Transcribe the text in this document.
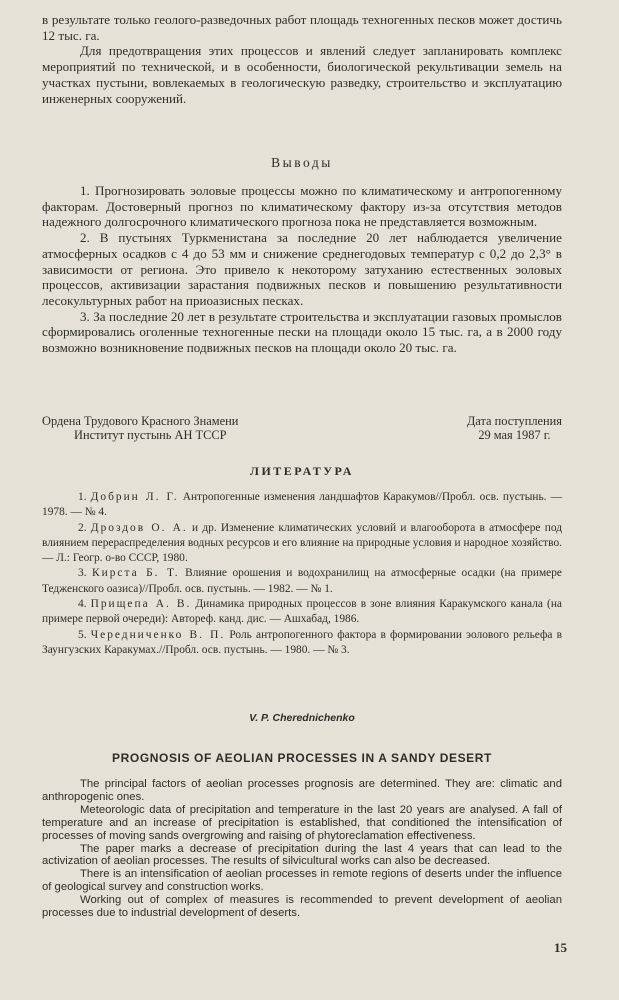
в результате только геолого-разведочных работ площадь техногенных песков может достичь 12 тыс. га.

Для предотвращения этих процессов и явлений следует запланировать комплекс мероприятий по технической, и в особенности, биологической рекультивации земель на участках пустыни, вовлекаемых в геологическую разведку, строительство и эксплуатацию инженерных сооружений.

Выводы

1. Прогнозировать эоловые процессы можно по климатическому и антропогенному факторам. Достоверный прогноз по климатическому фактору из-за отсутствия методов надежного долгосрочного климатического прогноза пока не представляется возможным.

2. В пустынях Туркменистана за последние 20 лет наблюдается увеличение атмосферных осадков с 4 до 53 мм и снижение среднегодовых температур с 0,2 до 2,3° в зависимости от региона. Это привело к некоторому затуханию естественных эоловых процессов, активизации зарастания подвижных песков и повышению результативности лесокультурных работ на приоазисных песках.

3. За последние 20 лет в результате строительства и эксплуатации газовых промыслов сформировались оголенные техногенные пески на площади около 15 тыс. га, а в 2000 году возможно возникновение подвижных песков на площади около 20 тыс. га.

Ордена Трудового Красного Знамени
Институт пустынь АН ТССР
Дата поступления
29 мая 1987 г.
ЛИТЕРАТУРА

1. Добрин Л. Г. Антропогенные изменения ландшафтов Каракумов//Пробл. осв. пустынь. — 1978. — № 4.

2. Дроздов О. А. и др. Изменение климатических условий и влагооборота в атмосфере под влиянием перераспределения водных ресурсов и его влияние на природные условия и народное хозяйство. — Л.: Геогр. о-во СССР, 1980.

3. Кирста Б. Т. Влияние орошения и водохранилищ на атмосферные осадки (на примере Тедженского оазиса)//Пробл. осв. пустынь. — 1982. — № 1.

4. Прищепа А. В. Динамика природных процессов в зоне влияния Каракумского канала (на примере первой очереди): Автореф. канд. дис. — Ашхабад, 1986.

5. Чередниченко В. П. Роль антропогенного фактора в формировании эолового рельефа в Заунгузских Каракумах.//Пробл. осв. пустынь. — 1980. — № 3.

V. P. Cherednichenko
PROGNOSIS OF AEOLIAN PROCESSES IN A SANDY DESERT

The principal factors of aeolian processes prognosis are determined. They are: climatic and anthropogenic ones.

Meteorologic data of precipitation and temperature in the last 20 years are analysed. A fall of temperature and an increase of precipitation is established, that conditioned the intensification of processes of moving sands overgrowing and raising of phytoreclamation effectiveness.

The paper marks a decrease of precipitation during the last 4 years that can lead to the activization of aeolian processes. The results of silvicultural works can also be decreased.

There is an intensification of aeolian processes in remote regions of deserts under the influence of geological survey and construction works.

Working out of complex of measures is recommended to prevent development of aeolian processes due to industrial development of deserts.

15
